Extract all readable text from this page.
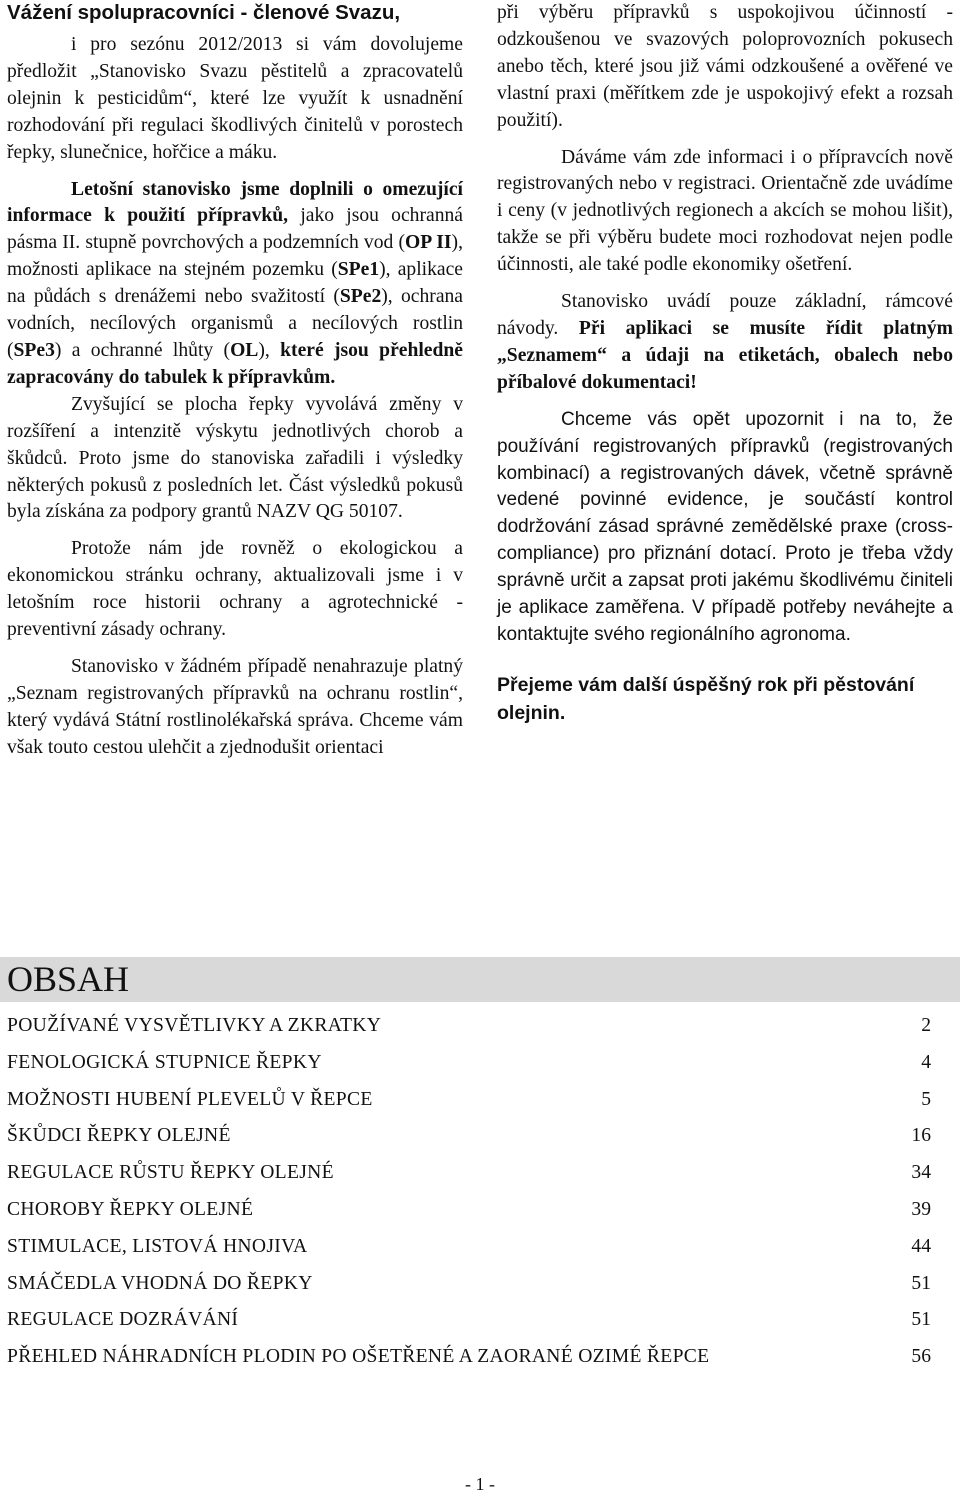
Vážení spolupracovníci - členové Svazu,

i pro sezónu 2012/2013 si vám dovolujeme předložit „Stanovisko Svazu pěstitelů a zpracovatelů olejnin k pesticidům“, které lze využít k usnadnění rozhodování při regulaci škodlivých činitelů v porostech řepky, slunečnice, hořčice a máku.

Letošní stanovisko jsme doplnili o omezující informace k použití přípravků, jako jsou ochranná pásma II. stupně povrchových a podzemních vod (OP II), možnosti aplikace na stejném pozemku (SPe1), aplikace na půdách s drenážemi nebo svažitostí (SPe2), ochrana vodních, necílových organismů a necílových rostlin (SPe3) a ochranné lhůty (OL), které jsou přehledně zapracovány do tabulek k přípravkům.

Zvyšující se plocha řepky vyvolává změny v rozšíření a intenzitě výskytu jednotlivých chorob a škůdců. Proto jsme do stanoviska zařadili i výsledky některých pokusů z posledních let. Část výsledků pokusů byla získána za podpory grantů NAZV QG 50107.

Protože nám jde rovněž o ekologickou a ekonomickou stránku ochrany, aktualizovali jsme i v letošním roce historii ochrany a agrotechnické - preventivní zásady ochrany.

Stanovisko v žádném případě nenahrazuje platný „Seznam registrovaných přípravků na ochranu rostlin“, který vydává Státní rostlinolékařská správa. Chceme vám však touto cestou ulehčit a zjednodušit orientaci

při výběru přípravků s uspokojivou účinností - odzkoušenou ve svazových poloprovozních pokusech anebo těch, které jsou již vámi odzkoušené a ověřené ve vlastní praxi (měřítkem zde je uspokojivý efekt a rozsah použití).

Dáváme vám zde informaci i o přípravcích nově registrovaných nebo v registraci. Orientačně zde uvádíme i ceny (v jednotlivých regionech a akcích se mohou lišit), takže se při výběru budete moci rozhodovat nejen podle účinnosti, ale také podle ekonomiky ošetření.

Stanovisko uvádí pouze základní, rámcové návody. Při aplikaci se musíte řídit platným „Seznamem“ a údaji na etiketách, obalech nebo příbalové dokumentaci!

Chceme vás opět upozornit i na to, že používání registrovaných přípravků (registrovaných kombinací) a registrovaných dávek, včetně správně vedené povinné evidence, je součástí kontrol dodržování zásad správné zemědělské praxe (cross-compliance) pro přiznání dotací. Proto je třeba vždy správně určit a zapsat proti jakému škodlivému činiteli je aplikace zaměřena. V případě potřeby neváhejte a kontaktujte svého regionálního agronoma.

Přejeme vám další úspěšný rok při pěstování olejnin.

OBSAH
POUŽÍVANÉ VYSVĚTLIVKY A ZKRATKY	2
FENOLOGICKÁ STUPNICE ŘEPKY	4
MOŽNOSTI HUBENÍ PLEVELŮ V ŘEPCE	5
ŠKŮDCI ŘEPKY OLEJNÉ	16
REGULACE RŮSTU ŘEPKY OLEJNÉ	34
CHOROBY ŘEPKY OLEJNÉ	39
STIMULACE, LISTOVÁ HNOJIVA	44
SMÁČEDLA VHODNÁ DO ŘEPKY	51
REGULACE DOZRÁVÁNÍ	51
PŘEHLED NÁHRADNÍCH PLODIN PO OŠETŘENÉ A ZAORANÉ OZIMÉ ŘEPCE	56
- 1 -
